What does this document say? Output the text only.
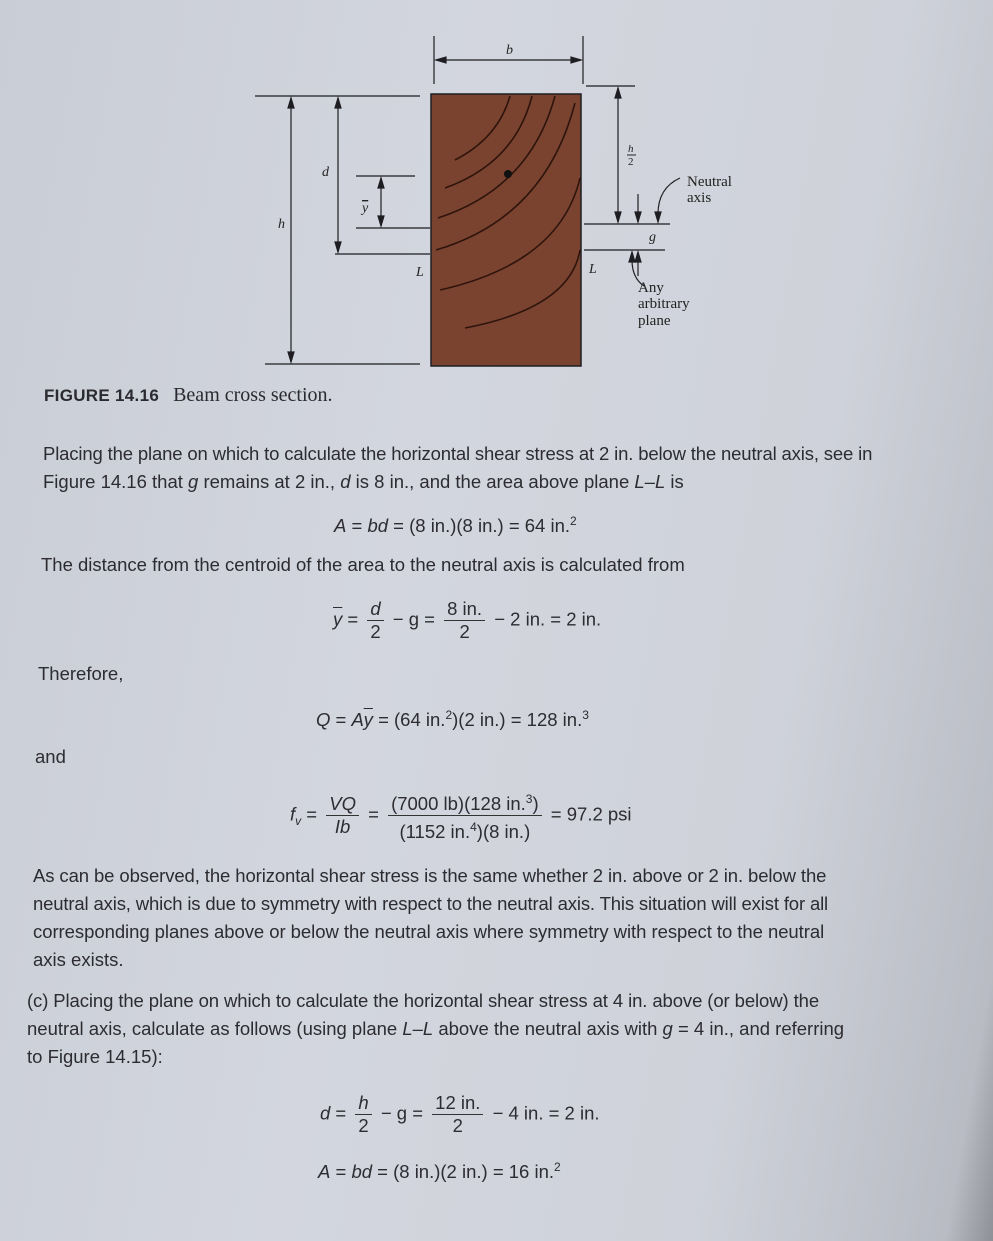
b
h
d
y
L
h
2
g
L
Neutral
axis
Any
arbitrary
plane
FIGURE 14.16 Beam cross section.
Placing the plane on which to calculate the horizontal shear stress at 2 in. below the neutral axis, see in
Figure 14.16 that g remains at 2 in., d is 8 in., and the area above plane L–L is
A = bd = (8 in.)(8 in.) = 64 in.$^2$
The distance from the centroid of the area to the neutral axis is calculated from
$\overline{y} = \frac{d}{2} - g = \frac{8 in.}{2} - 2$ in. = 2 in.
Therefore,
$Q = A\overline{y} = (64$ in.$^2$)(2 in.) = 128 in.$^3$
and
$f_v = \frac{VQ}{Ib} = \frac{(7000 lb)(128 in.^3)}{(1152 in.^4)(8 in.)} = 97.2$ psi
As can be observed, the horizontal shear stress is the same whether 2 in. above or 2 in. below the
neutral axis, which is due to symmetry with respect to the neutral axis. This situation will exist for all
corresponding planes above or below the neutral axis where symmetry with respect to the neutral
axis exists.
(c) Placing the plane on which to calculate the horizontal shear stress at 4 in. above (or below) the
neutral axis, calculate as follows (using plane L–L above the neutral axis with g = 4 in., and referring
to Figure 14.15):
$d = \frac{h}{2} - g = \frac{12 in.}{2} - 4$ in. = 2 in.
A = bd = (8 in.)(2 in.) = 16 in.$^2$
